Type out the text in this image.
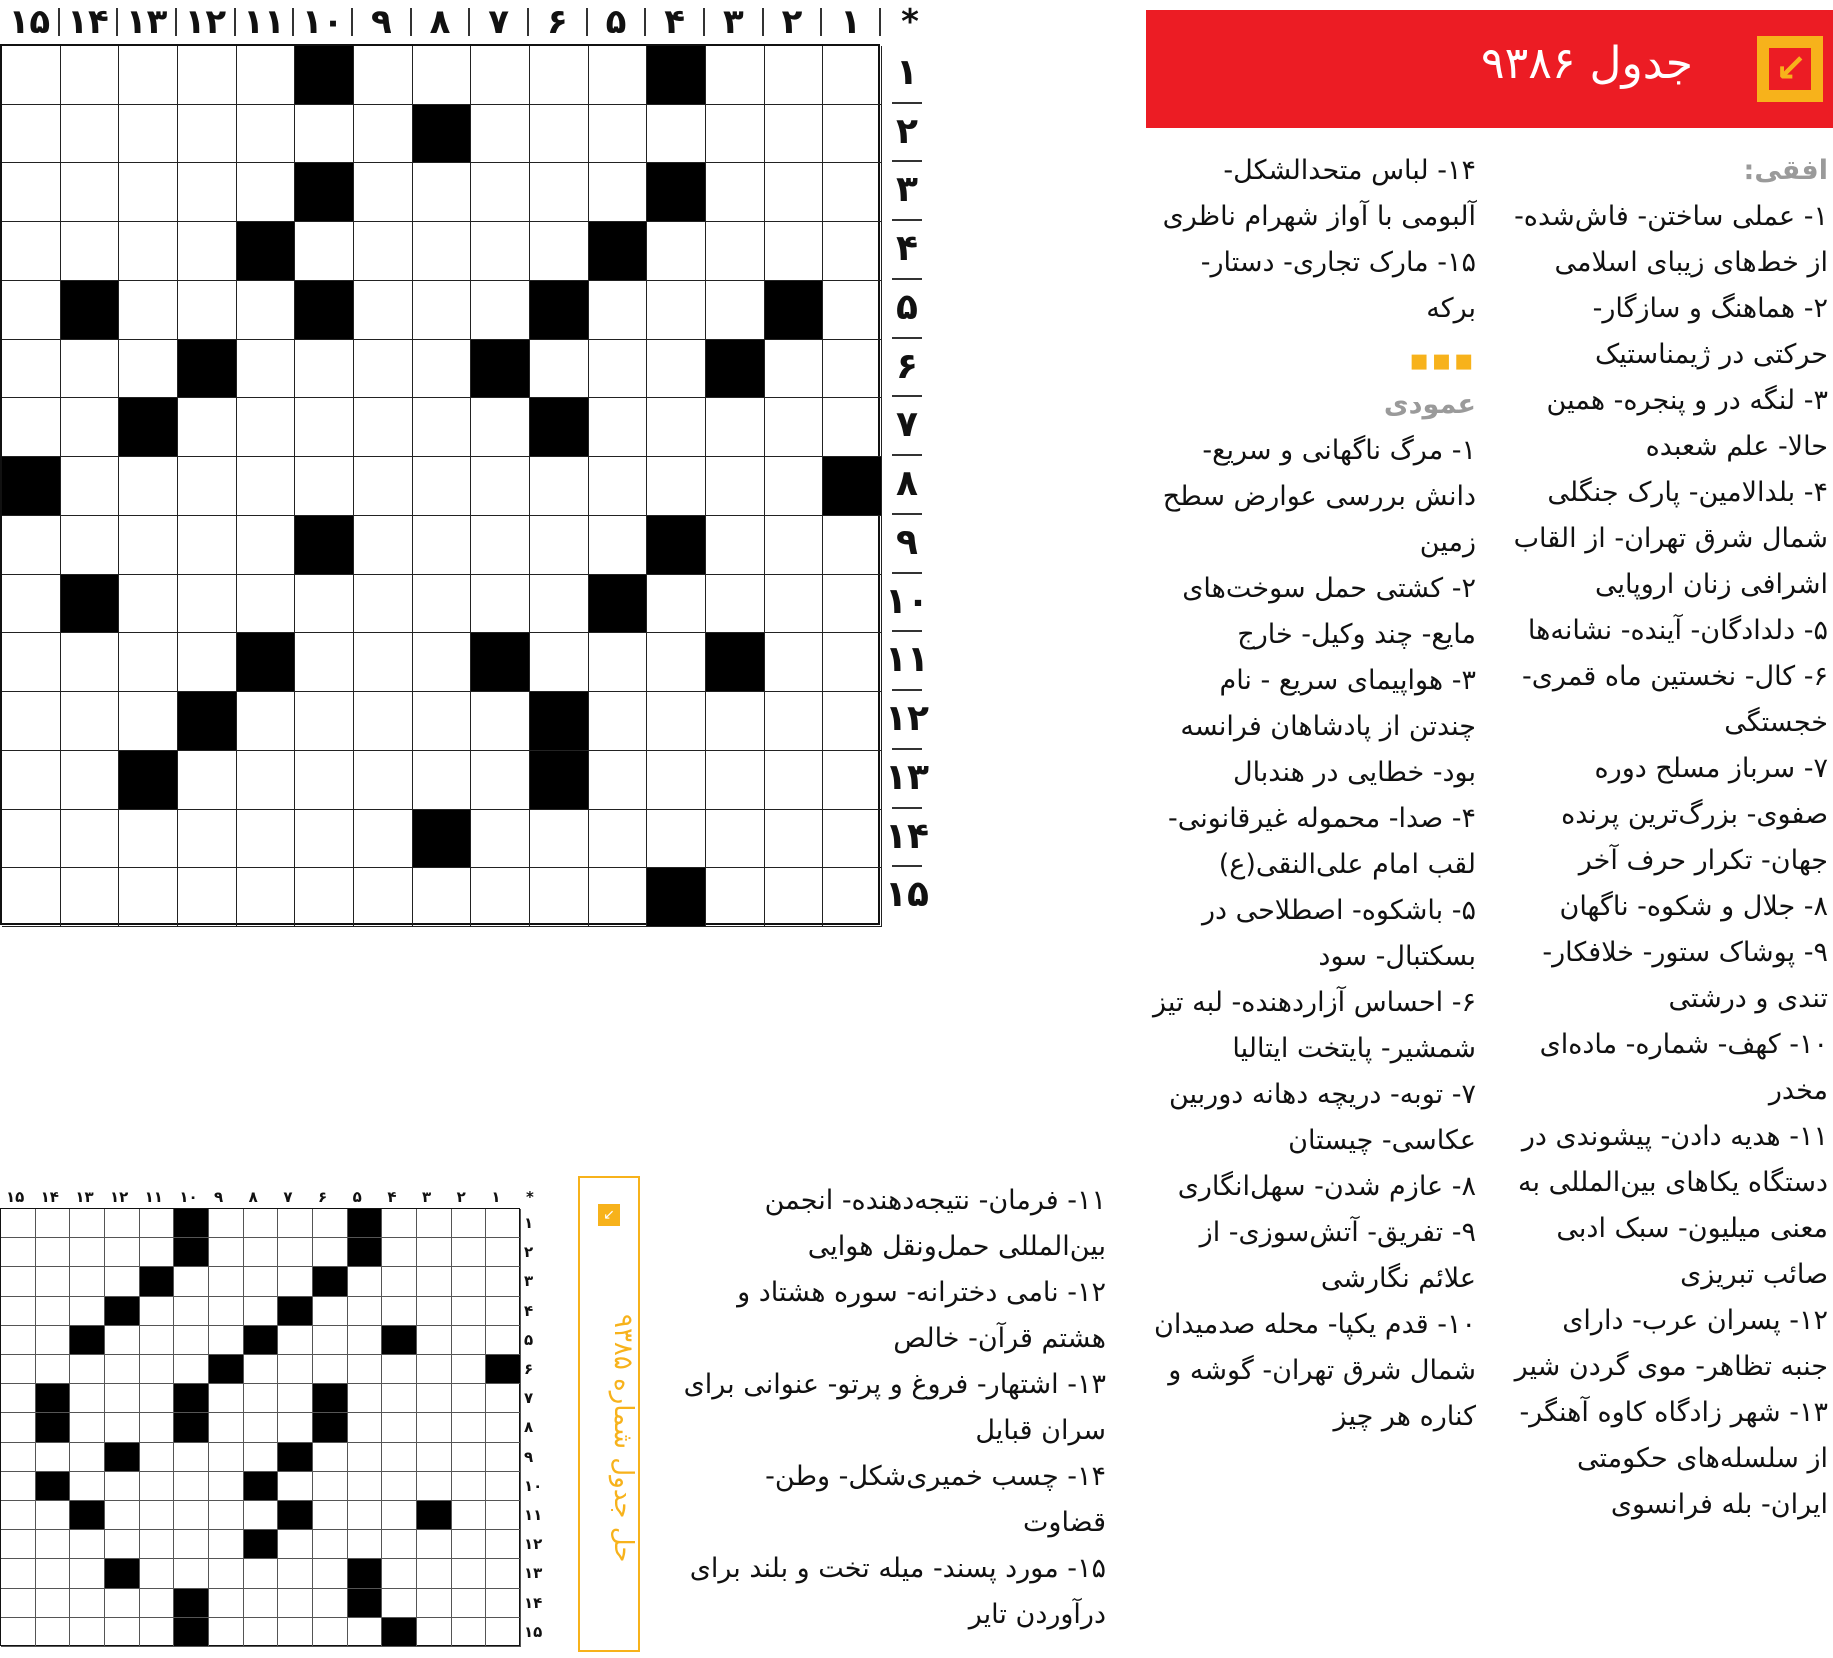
۱۵ ۱۴ ۱۳ ۱۲ ۱۱ ۱۰ ۹	۸	۷	۶	۵	۴	۳	۲	۱	*
۱
۲
۳
۴
۵
۶
۷
۸
۹
۱۰
۱۱
۱۲
۱۳
۱۴
۱۵
جدول ۹۳۸۶ ↙

افقی:

۱- عملی ساختن- فاش‌شده- از خط‌های زیبای اسلامی

۲- هماهنگ و سازگار- حرکتی در ژیمناستیک

۳- لنگه در و پنجره- همین حالا- علم شعبده

۴- بلدالامین- پارک جنگلی شمال شرق تهران- از القاب اشرافی زنان اروپایی

۵- دلدادگان- آینده- نشانه‌ها

۶- کال- نخستین ماه قمری- خجستگی

۷- سرباز مسلح دوره صفوی- بزرگ‌ترین پرنده جهان- تکرار حرف آخر

۸- جلال و شکوه- ناگهان

۹- پوشاک ستور- خلافکار- تندی و درشتی

۱۰- کهف- شماره- ماده‌ای مخدر

۱۱- هدیه دادن- پیشوندی در دستگاه یکاهای بین‌المللی به معنی میلیون- سبک ادبی صائب تبریزی

۱۲- پسران عرب- دارای جنبه تظاهر- موی گردن شیر

۱۳- شهر زادگاه کاوه آهنگر- از سلسله‌های حکومتی ایران- بله فرانسوی

۱۴- لباس متحدالشکل- آلبومی با آواز شهرام ناظری

۱۵- مارک تجاری- دستار- برکه

▪▪▪

عمودی

۱- مرگ ناگهانی و سریع- دانش بررسی عوارض سطح زمین

۲- کشتی حمل سوخت‌های مایع- چند وکیل- خارج

۳- هواپیمای سریع - نام چندتن از پادشاهان فرانسه بود- خطایی در هندبال

۴- صدا- محموله غیرقانونی- لقب امام علی‌النقی(ع)

۵- باشکوه- اصطلاحی در بسکتبال- سود

۶- احساس آزاردهنده- لبه تیز شمشیر- پایتخت ایتالیا

۷- توبه- دریچه دهانه دوربین عکاسی- چیستان

۸- عازم شدن- سهل‌انگاری

۹- تفریق- آتش‌سوزی- از علائم نگارشی

۱۰- قدم یکپا- محله صدمیدان شمال شرق تهران- گوشه و کناره هر چیز

۱۱- فرمان- نتیجه‌دهنده- انجمن بین‌المللی حمل‌ونقل هوایی

۱۲- نامی دخترانه- سوره هشتاد و هشتم قرآن- خالص

۱۳- اشتهار- فروغ و پرتو- عنوانی برای سران قبایل

۱۴- چسب خمیری‌شکل- وطن- قضاوت

۱۵- مورد پسند- میله تخت و بلند برای درآوردن تایر

↙
حل جدول شماره ۹۳۸۵
۱۵ ۱۴ ۱۳ ۱۲ ۱۱ ۱۰ ۹ ۸ ۷ ۶ ۵ ۴ ۳ ۲ ۱ *
۱
۲
۳
۴
۵
۶
۷
۸
۹
۱۰
۱۱
۱۲
۱۳
۱۴
۱۵
